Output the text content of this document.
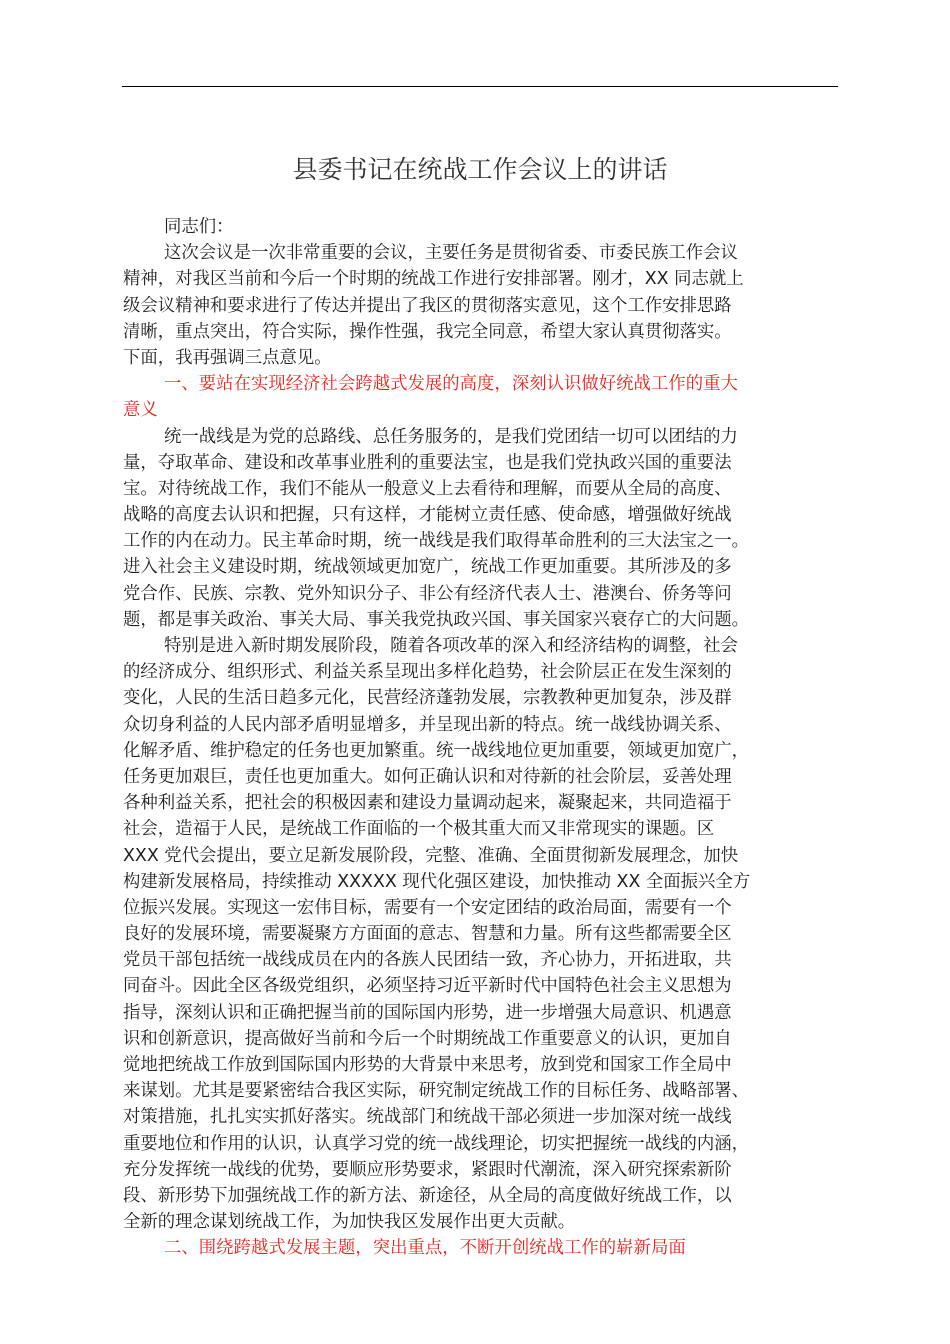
县委书记在统战工作会议上的讲话
同志们：
这次会议是一次非常重要的会议，主要任务是贯彻省委、市委民族工作会议
精神，对我区当前和今后一个时期的统战工作进行安排部署。刚才，XX 同志就上
级会议精神和要求进行了传达并提出了我区的贯彻落实意见，这个工作安排思路
清晰，重点突出，符合实际，操作性强，我完全同意，希望大家认真贯彻落实。
下面，我再强调三点意见。
一、要站在实现经济社会跨越式发展的高度，深刻认识做好统战工作的重大
意义
统一战线是为党的总路线、总任务服务的，是我们党团结一切可以团结的力
量，夺取革命、建设和改革事业胜利的重要法宝，也是我们党执政兴国的重要法
宝。对待统战工作，我们不能从一般意义上去看待和理解，而要从全局的高度、
战略的高度去认识和把握，只有这样，才能树立责任感、使命感，增强做好统战
工作的内在动力。民主革命时期，统一战线是我们取得革命胜利的三大法宝之一。
进入社会主义建设时期，统战领域更加宽广，统战工作更加重要。其所涉及的多
党合作、民族、宗教、党外知识分子、非公有经济代表人士、港澳台、侨务等问
题，都是事关政治、事关大局、事关我党执政兴国、事关国家兴衰存亡的大问题。
特别是进入新时期发展阶段，随着各项改革的深入和经济结构的调整，社会
的经济成分、组织形式、利益关系呈现出多样化趋势，社会阶层正在发生深刻的
变化，人民的生活日趋多元化，民营经济蓬勃发展，宗教教种更加复杂，涉及群
众切身利益的人民内部矛盾明显增多，并呈现出新的特点。统一战线协调关系、
化解矛盾、维护稳定的任务也更加繁重。统一战线地位更加重要，领域更加宽广，
任务更加艰巨，责任也更加重大。如何正确认识和对待新的社会阶层，妥善处理
各种利益关系，把社会的积极因素和建设力量调动起来，凝聚起来，共同造福于
社会，造福于人民，是统战工作面临的一个极其重大而又非常现实的课题。区
XXX 党代会提出，要立足新发展阶段，完整、准确、全面贯彻新发展理念，加快
构建新发展格局，持续推动 XXXXX 现代化强区建设，加快推动 XX 全面振兴全方
位振兴发展。实现这一宏伟目标，需要有一个安定团结的政治局面，需要有一个
良好的发展环境，需要凝聚方方面面的意志、智慧和力量。所有这些都需要全区
党员干部包括统一战线成员在内的各族人民团结一致，齐心协力，开拓进取，共
同奋斗。因此全区各级党组织，必须坚持习近平新时代中国特色社会主义思想为
指导，深刻认识和正确把握当前的国际国内形势，进一步增强大局意识、机遇意
识和创新意识，提高做好当前和今后一个时期统战工作重要意义的认识，更加自
觉地把统战工作放到国际国内形势的大背景中来思考，放到党和国家工作全局中
来谋划。尤其是要紧密结合我区实际，研究制定统战工作的目标任务、战略部署、
对策措施，扎扎实实抓好落实。统战部门和统战干部必须进一步加深对统一战线
重要地位和作用的认识，认真学习党的统一战线理论，切实把握统一战线的内涵，
充分发挥统一战线的优势，要顺应形势要求，紧跟时代潮流，深入研究探索新阶
段、新形势下加强统战工作的新方法、新途径，从全局的高度做好统战工作，以
全新的理念谋划统战工作，为加快我区发展作出更大贡献。
二、围绕跨越式发展主题，突出重点，不断开创统战工作的崭新局面
